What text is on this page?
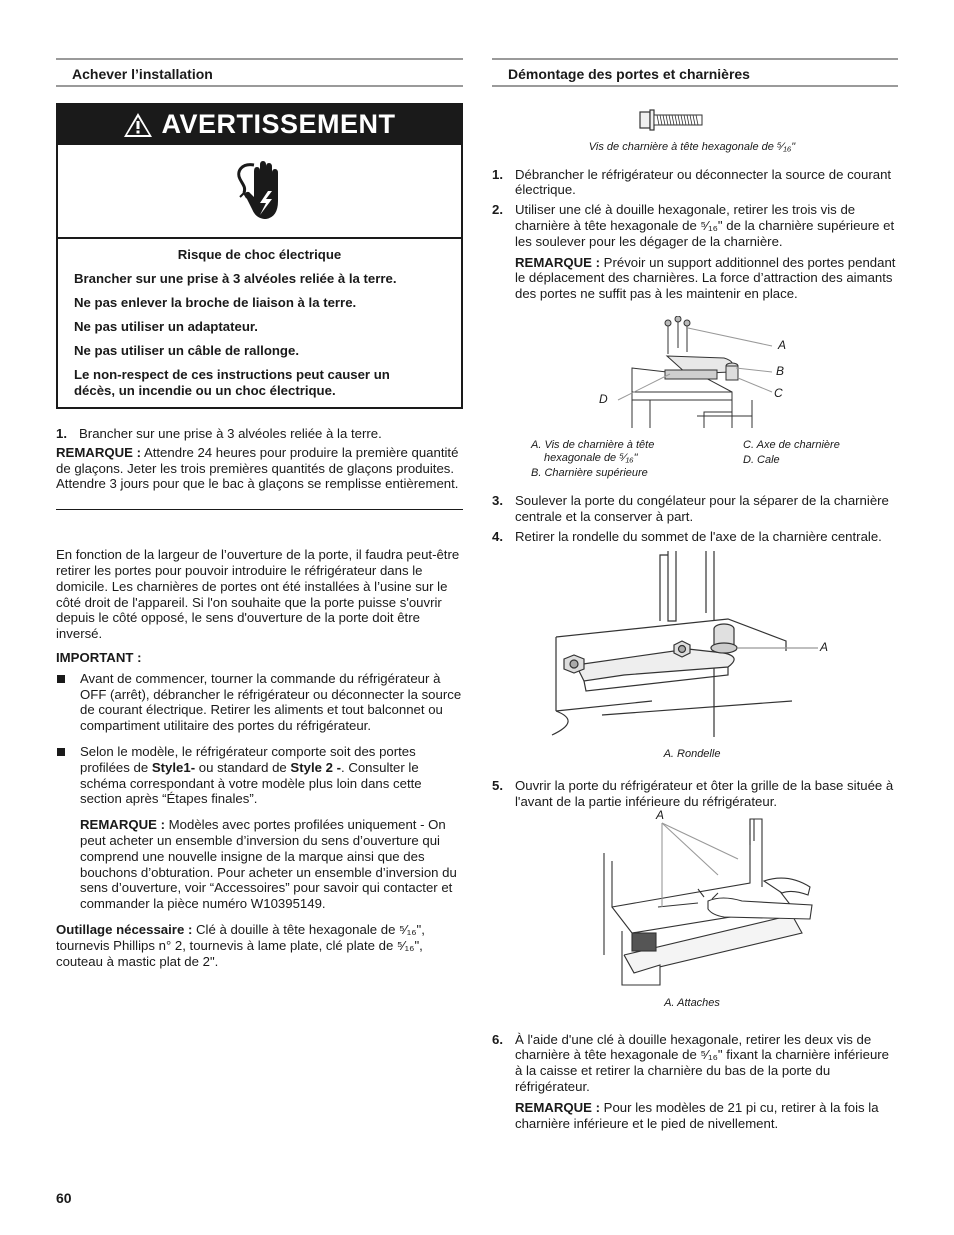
Achever l’installation
AVERTISSEMENT

Risque de choc électrique

Brancher sur une prise à 3 alvéoles reliée à la terre.

Ne pas enlever la broche de liaison à la terre.

Ne pas utiliser un adaptateur.

Ne pas utiliser un câble de rallonge.

Le non-respect de ces instructions peut causer un décès, un incendie ou un choc électrique.

1. Brancher sur une prise à 3 alvéoles reliée à la terre.

REMARQUE : Attendre 24 heures pour produire la première quantité de glaçons. Jeter les trois premières quantités de glaçons produites. Attendre 3 jours pour que le bac à glaçons se remplisse entièrement.

En fonction de la largeur de l’ouverture de la porte, il faudra peut-être retirer les portes pour pouvoir introduire le réfrigérateur dans le domicile. Les charnières de portes ont été installées à l’usine sur le côté droit de l'appareil. Si l'on souhaite que la porte puisse s'ouvrir depuis le côté opposé, le sens d'ouverture de la porte doit être inversé.

IMPORTANT :

Avant de commencer, tourner la commande du réfrigérateur à OFF (arrêt), débrancher le réfrigérateur ou déconnecter la source de courant électrique. Retirer les aliments et tout balconnet ou compartiment utilitaire des portes du réfrigérateur.
Selon le modèle, le réfrigérateur comporte soit des portes profilées de Style1- ou standard de Style 2 -. Consulter le schéma correspondant à votre modèle plus loin dans cette section après “Étapes finales”.

REMARQUE : Modèles avec portes profilées uniquement - On peut acheter un ensemble d’inversion du sens d’ouverture qui comprend une nouvelle insigne de la marque ainsi que des bouchons d’obturation. Pour acheter un ensemble d’inversion du sens d’ouverture, voir “Accessoires” pour savoir qui contacter et commander la pièce numéro W10395149.

Outillage nécessaire : Clé à douille à tête hexagonale de ⁵⁄₁₆", tournevis Phillips n° 2, tournevis à lame plate, clé plate de ⁵⁄₁₆", couteau à mastic plat de 2".

Démontage des portes et charnières
Vis de charnière à tête hexagonale de ⁵⁄₁₆"
1. Débrancher le réfrigérateur ou déconnecter la source de courant électrique.
2. Utiliser une clé à douille hexagonale, retirer les trois vis de charnière à tête hexagonale de ⁵⁄₁₆" de la charnière supérieure et les soulever pour les dégager de la charnière.

REMARQUE : Prévoir un support additionnel des portes pendant le déplacement des charnières. La force d’attraction des aimants des portes ne suffit pas à les maintenir en place.

A
B
C
D
A. Vis de charnière à tête
hexagonale de ⁵⁄₁₆"
B. Charnière supérieure
C. Axe de charnière
D. Cale
3. Soulever la porte du congélateur pour la séparer de la charnière centrale et la conserver à part.
4. Retirer la rondelle du sommet de l'axe de la charnière centrale.
A
A. Rondelle
5. Ouvrir la porte du réfrigérateur et ôter la grille de la base située à l'avant de la partie inférieure du réfrigérateur.
A
A. Attaches
6. À l'aide d'une clé à douille hexagonale, retirer les deux vis de charnière à tête hexagonale de ⁵⁄₁₆" fixant la charnière inférieure à la caisse et retirer la charnière du bas de la porte du réfrigérateur.

REMARQUE : Pour les modèles de 21 pi cu, retirer à la fois la charnière inférieure et le pied de nivellement.

60
